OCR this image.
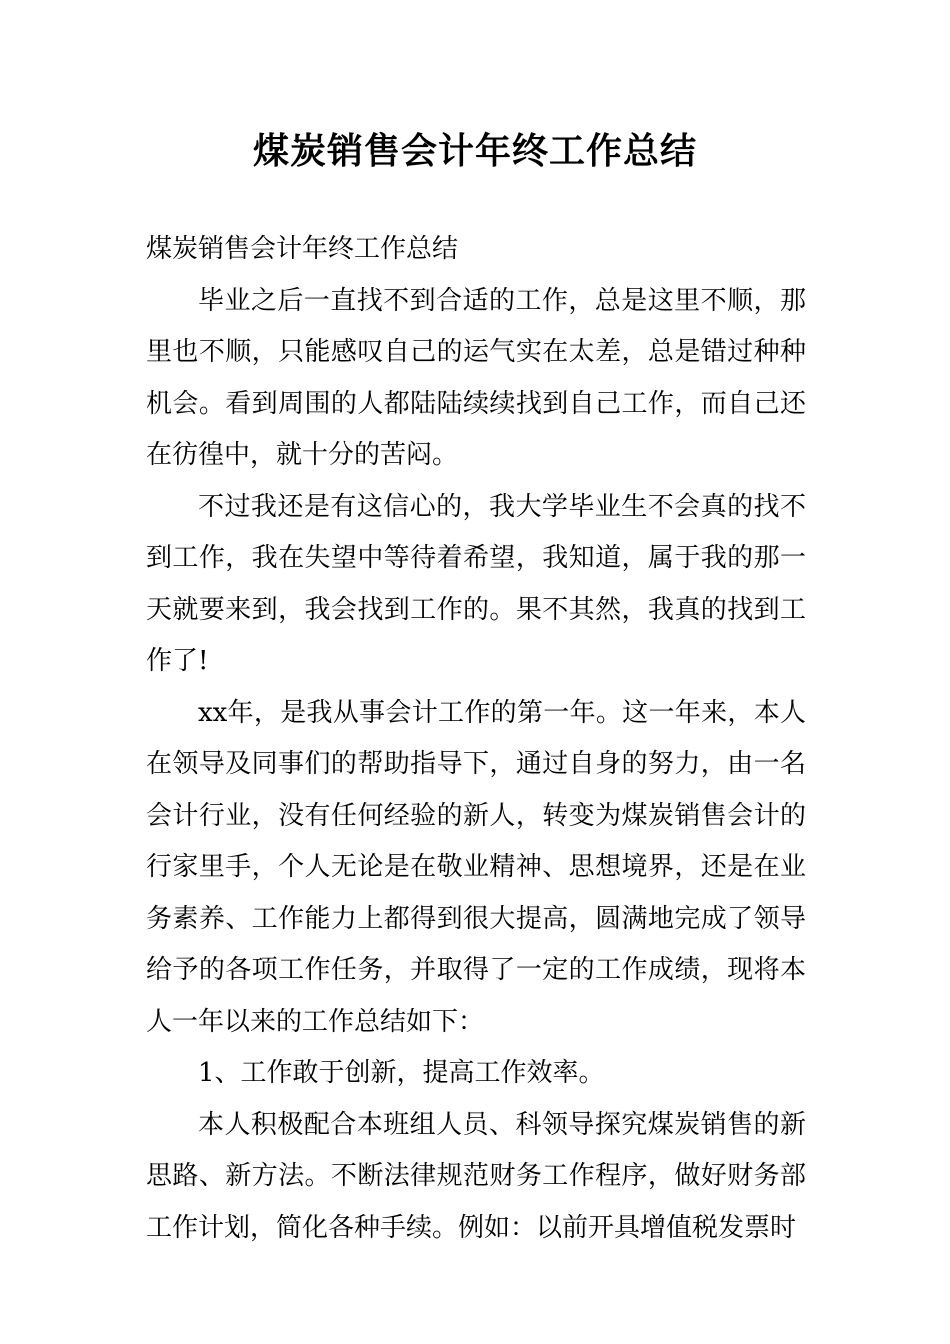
煤炭销售会计年终工作总结

煤炭销售会计年终工作总结

毕业之后一直找不到合适的工作，总是这里不顺，那里也不顺，只能感叹自己的运气实在太差，总是错过种种机会。看到周围的人都陆陆续续找到自己工作，而自己还在彷徨中，就十分的苦闷。

不过我还是有这信心的，我大学毕业生不会真的找不到工作，我在失望中等待着希望，我知道，属于我的那一天就要来到，我会找到工作的。果不其然，我真的找到工作了!

xx年，是我从事会计工作的第一年。这一年来，本人在领导及同事们的帮助指导下，通过自身的努力，由一名会计行业，没有任何经验的新人，转变为煤炭销售会计的行家里手，个人无论是在敬业精神、思想境界，还是在业务素养、工作能力上都得到很大提高，圆满地完成了领导给予的各项工作任务，并取得了一定的工作成绩，现将本人一年以来的工作总结如下：

1、工作敢于创新，提高工作效率。

本人积极配合本班组人员、科领导探究煤炭销售的新思路、新方法。不断法律规范财务工作程序，做好财务部工作计划，简化各种手续。例如：以前开具增值税发票时
